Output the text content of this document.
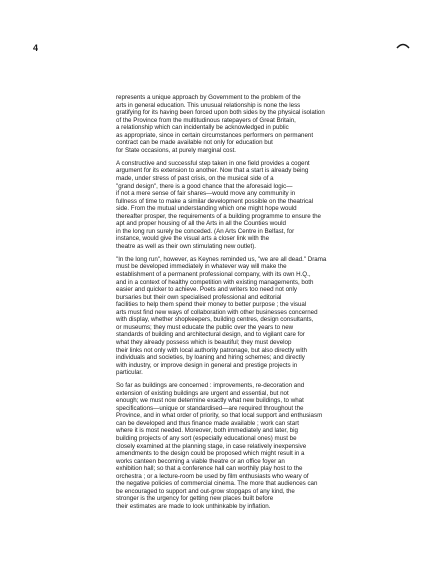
4

represents a unique approach by Government to the problem of the
arts in general education. This unusual relationship is none the less
gratifying for its having been forced upon both sides by the physical isolation
of the Province from the multitudinous ratepayers of Great Britain,
a relationship which can incidentally be acknowledged in public
as appropriate, since in certain circumstances performers on permanent
contract can be made available not only for education but
for State occasions, at purely marginal cost.

A constructive and successful step taken in one field provides a cogent
argument for its extension to another. Now that a start is already being
made, under stress of past crisis, on the musical side of a
"grand design", there is a good chance that the aforesaid logic—
if not a mere sense of fair shares—would move any community in
fullness of time to make a similar development possible on the theatrical
side. From the mutual understanding which one might hope would
thereafter prosper, the requirements of a building programme to ensure the
apt and proper housing of all the Arts in all the Counties would
in the long run surely be conceded. (An Arts Centre in Belfast, for
instance, would give the visual arts a closer link with the
theatre as well as their own stimulating new outlet).

"In the long run", however, as Keynes reminded us, "we are all dead." Drama
must be developed immediately in whatever way will make the
establishment of a permanent professional company, with its own H.Q.,
and in a context of healthy competition with existing managements, both
easier and quicker to achieve. Poets and writers too need not only
bursaries but their own specialised professional and editorial
facilities to help them spend their money to better purpose ; the visual
arts must find new ways of collaboration with other businesses concerned
with display, whether shopkeepers, building centres, design consultants,
or museums; they must educate the public over the years to new
standards of building and architectural design, and to vigilant care for
what they already possess which is beautiful; they must develop
their links not only with local authority patronage, but also directly with
individuals and societies, by loaning and hiring schemes; and directly
with industry, or improve design in general and prestige projects in
particular.

So far as buildings are concerned : improvements, re-decoration and
extension of existing buildings are urgent and essential, but not
enough; we must now determine exactly what new buildings, to what
specifications—unique or standardised—are required throughout the
Province, and in what order of priority, so that local support and enthusiasm
can be developed and thus finance made available ; work can start
where it is most needed. Moreover, both immediately and later, big
building projects of any sort (especially educational ones) must be
closely examined at the planning stage, in case relatively inexpensive
amendments to the design could be proposed which might result in a
works canteen becoming a viable theatre or an office foyer an
exhibition hall; so that a conference hall can worthily play host to the
orchestra ; or a lecture-room be used by film enthusiasts who weary of
the negative policies of commercial cinema. The more that audiences can
be encouraged to support and out-grow stopgaps of any kind, the
stronger is the urgency for getting new places built before
their estimates are made to look unthinkable by inflation.
